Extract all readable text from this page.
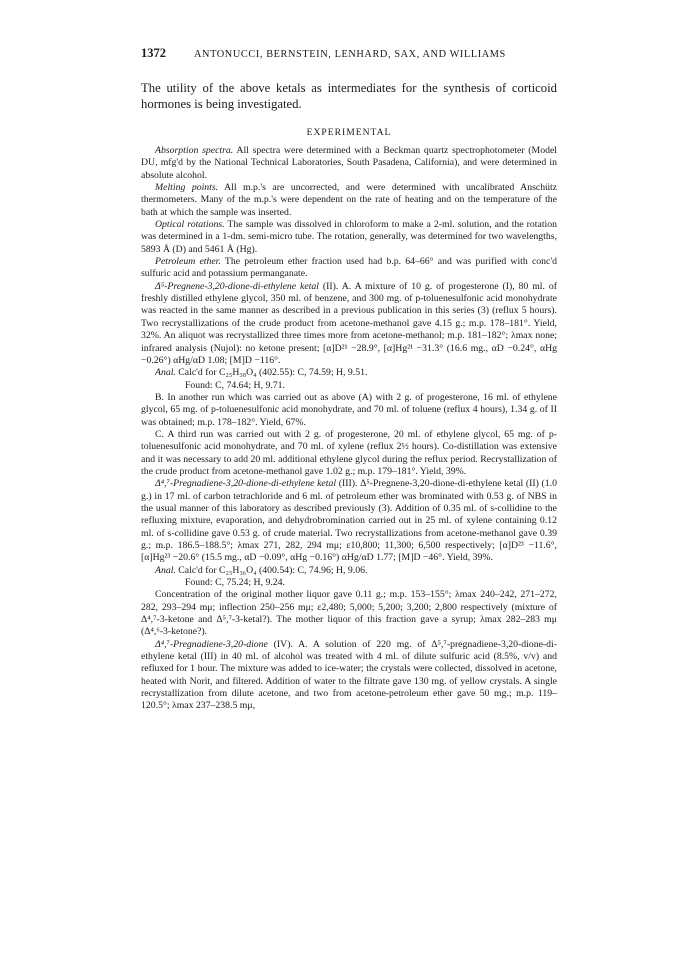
1372	ANTONUCCI, BERNSTEIN, LENHARD, SAX, AND WILLIAMS

The utility of the above ketals as intermediates for the synthesis of corticoid hormones is being investigated.

EXPERIMENTAL

Absorption spectra. All spectra were determined with a Beckman quartz spectrophotometer (Model DU, mfg'd by the National Technical Laboratories, South Pasadena, California), and were determined in absolute alcohol.

Melting points. All m.p.'s are uncorrected, and were determined with uncalibrated Anschütz thermometers. Many of the m.p.'s were dependent on the rate of heating and on the temperature of the bath at which the sample was inserted.

Optical rotations. The sample was dissolved in chloroform to make a 2-ml. solution, and the rotation was determined in a 1-dm. semi-micro tube. The rotation, generally, was determined for two wavelengths, 5893 Å (D) and 5461 Å (Hg).

Petroleum ether. The petroleum ether fraction used had b.p. 64–66° and was purified with conc'd sulfuric acid and potassium permanganate.

Δ⁵-Pregnene-3,20-dione-di-ethylene ketal (II). A. A mixture of 10 g. of progesterone (I), 80 ml. of freshly distilled ethylene glycol, 350 ml. of benzene, and 300 mg. of p-toluenesulfonic acid monohydrate was reacted in the same manner as described in a previous publication in this series (3) (reflux 5 hours). Two recrystallizations of the crude product from acetone-methanol gave 4.15 g.; m.p. 178–181°. Yield, 32%. An aliquot was recrystallized three times more from acetone-methanol; m.p. 181–182°; λmax none; infrared analysis (Nujol): no ketone present; [α]D²¹ −28.9°, [α]Hg²¹ −31.3° (16.6 mg., αD −0.24°, αHg −0.26°) αHg/αD 1.08; [M]D −116°.

Anal. Calc'd for C₂₅H₃₈O₄ (402.55): C, 74.59; H, 9.51.

Found: C, 74.64; H, 9.71.

B. In another run which was carried out as above (A) with 2 g. of progesterone, 16 ml. of ethylene glycol, 65 mg. of p-toluenesulfonic acid monohydrate, and 70 ml. of toluene (reflux 4 hours), 1.34 g. of II was obtained; m.p. 178–182°. Yield, 67%.

C. A third run was carried out with 2 g. of progesterone, 20 ml. of ethylene glycol, 65 mg. of p-toluenesulfonic acid monohydrate, and 70 ml. of xylene (reflux 2½ hours). Co-distillation was extensive and it was necessary to add 20 ml. additional ethylene glycol during the reflux period. Recrystallization of the crude product from acetone-methanol gave 1.02 g.; m.p. 179–181°. Yield, 39%.

Δ⁴,⁷-Pregnadiene-3,20-dione-di-ethylene ketal (III). Δ⁵-Pregnene-3,20-dione-di-ethylene ketal (II) (1.0 g.) in 17 ml. of carbon tetrachloride and 6 ml. of petroleum ether was brominated with 0.53 g. of NBS in the usual manner of this laboratory as described previously (3). Addition of 0.35 ml. of s-collidine to the refluxing mixture, evaporation, and dehydrobromination carried out in 25 ml. of xylene containing 0.12 ml. of s-collidine gave 0.53 g. of crude material. Two recrystallizations from acetone-methanol gave 0.39 g.; m.p. 186.5–188.5°; λmax 271, 282, 294 mμ; ε10,800; 11,300; 6,500 respectively; [α]D²³ −11.6°, [α]Hg²³ −20.6° (15.5 mg., αD −0.09°, αHg −0.16°) αHg/αD 1.77; [M]D −46°. Yield, 39%.

Anal. Calc'd for C₂₅H₃₆O₄ (400.54): C, 74.96; H, 9.06.

Found: C, 75.24; H, 9.24.

Concentration of the original mother liquor gave 0.11 g.; m.p. 153–155°; λmax 240–242, 271–272, 282, 293–294 mμ; inflection 250–256 mμ; ε2,480; 5,000; 5,200; 3,200; 2,800 respectively (mixture of Δ⁴,⁷-3-ketone and Δ⁵,⁷-3-ketal?). The mother liquor of this fraction gave a syrup; λmax 282–283 mμ (Δ⁴,⁶-3-ketone?).

Δ⁴,⁷-Pregnadiene-3,20-dione (IV). A. A solution of 220 mg. of Δ⁵,⁷-pregnadiene-3,20-dione-di-ethylene ketal (III) in 40 ml. of alcohol was treated with 4 ml. of dilute sulfuric acid (8.5%, v/v) and refluxed for 1 hour. The mixture was added to ice-water; the crystals were collected, dissolved in acetone, heated with Norit, and filtered. Addition of water to the filtrate gave 130 mg. of yellow crystals. A single recrystallization from dilute acetone, and two from acetone-petroleum ether gave 50 mg.; m.p. 119–120.5°; λmax 237–238.5 mμ,
